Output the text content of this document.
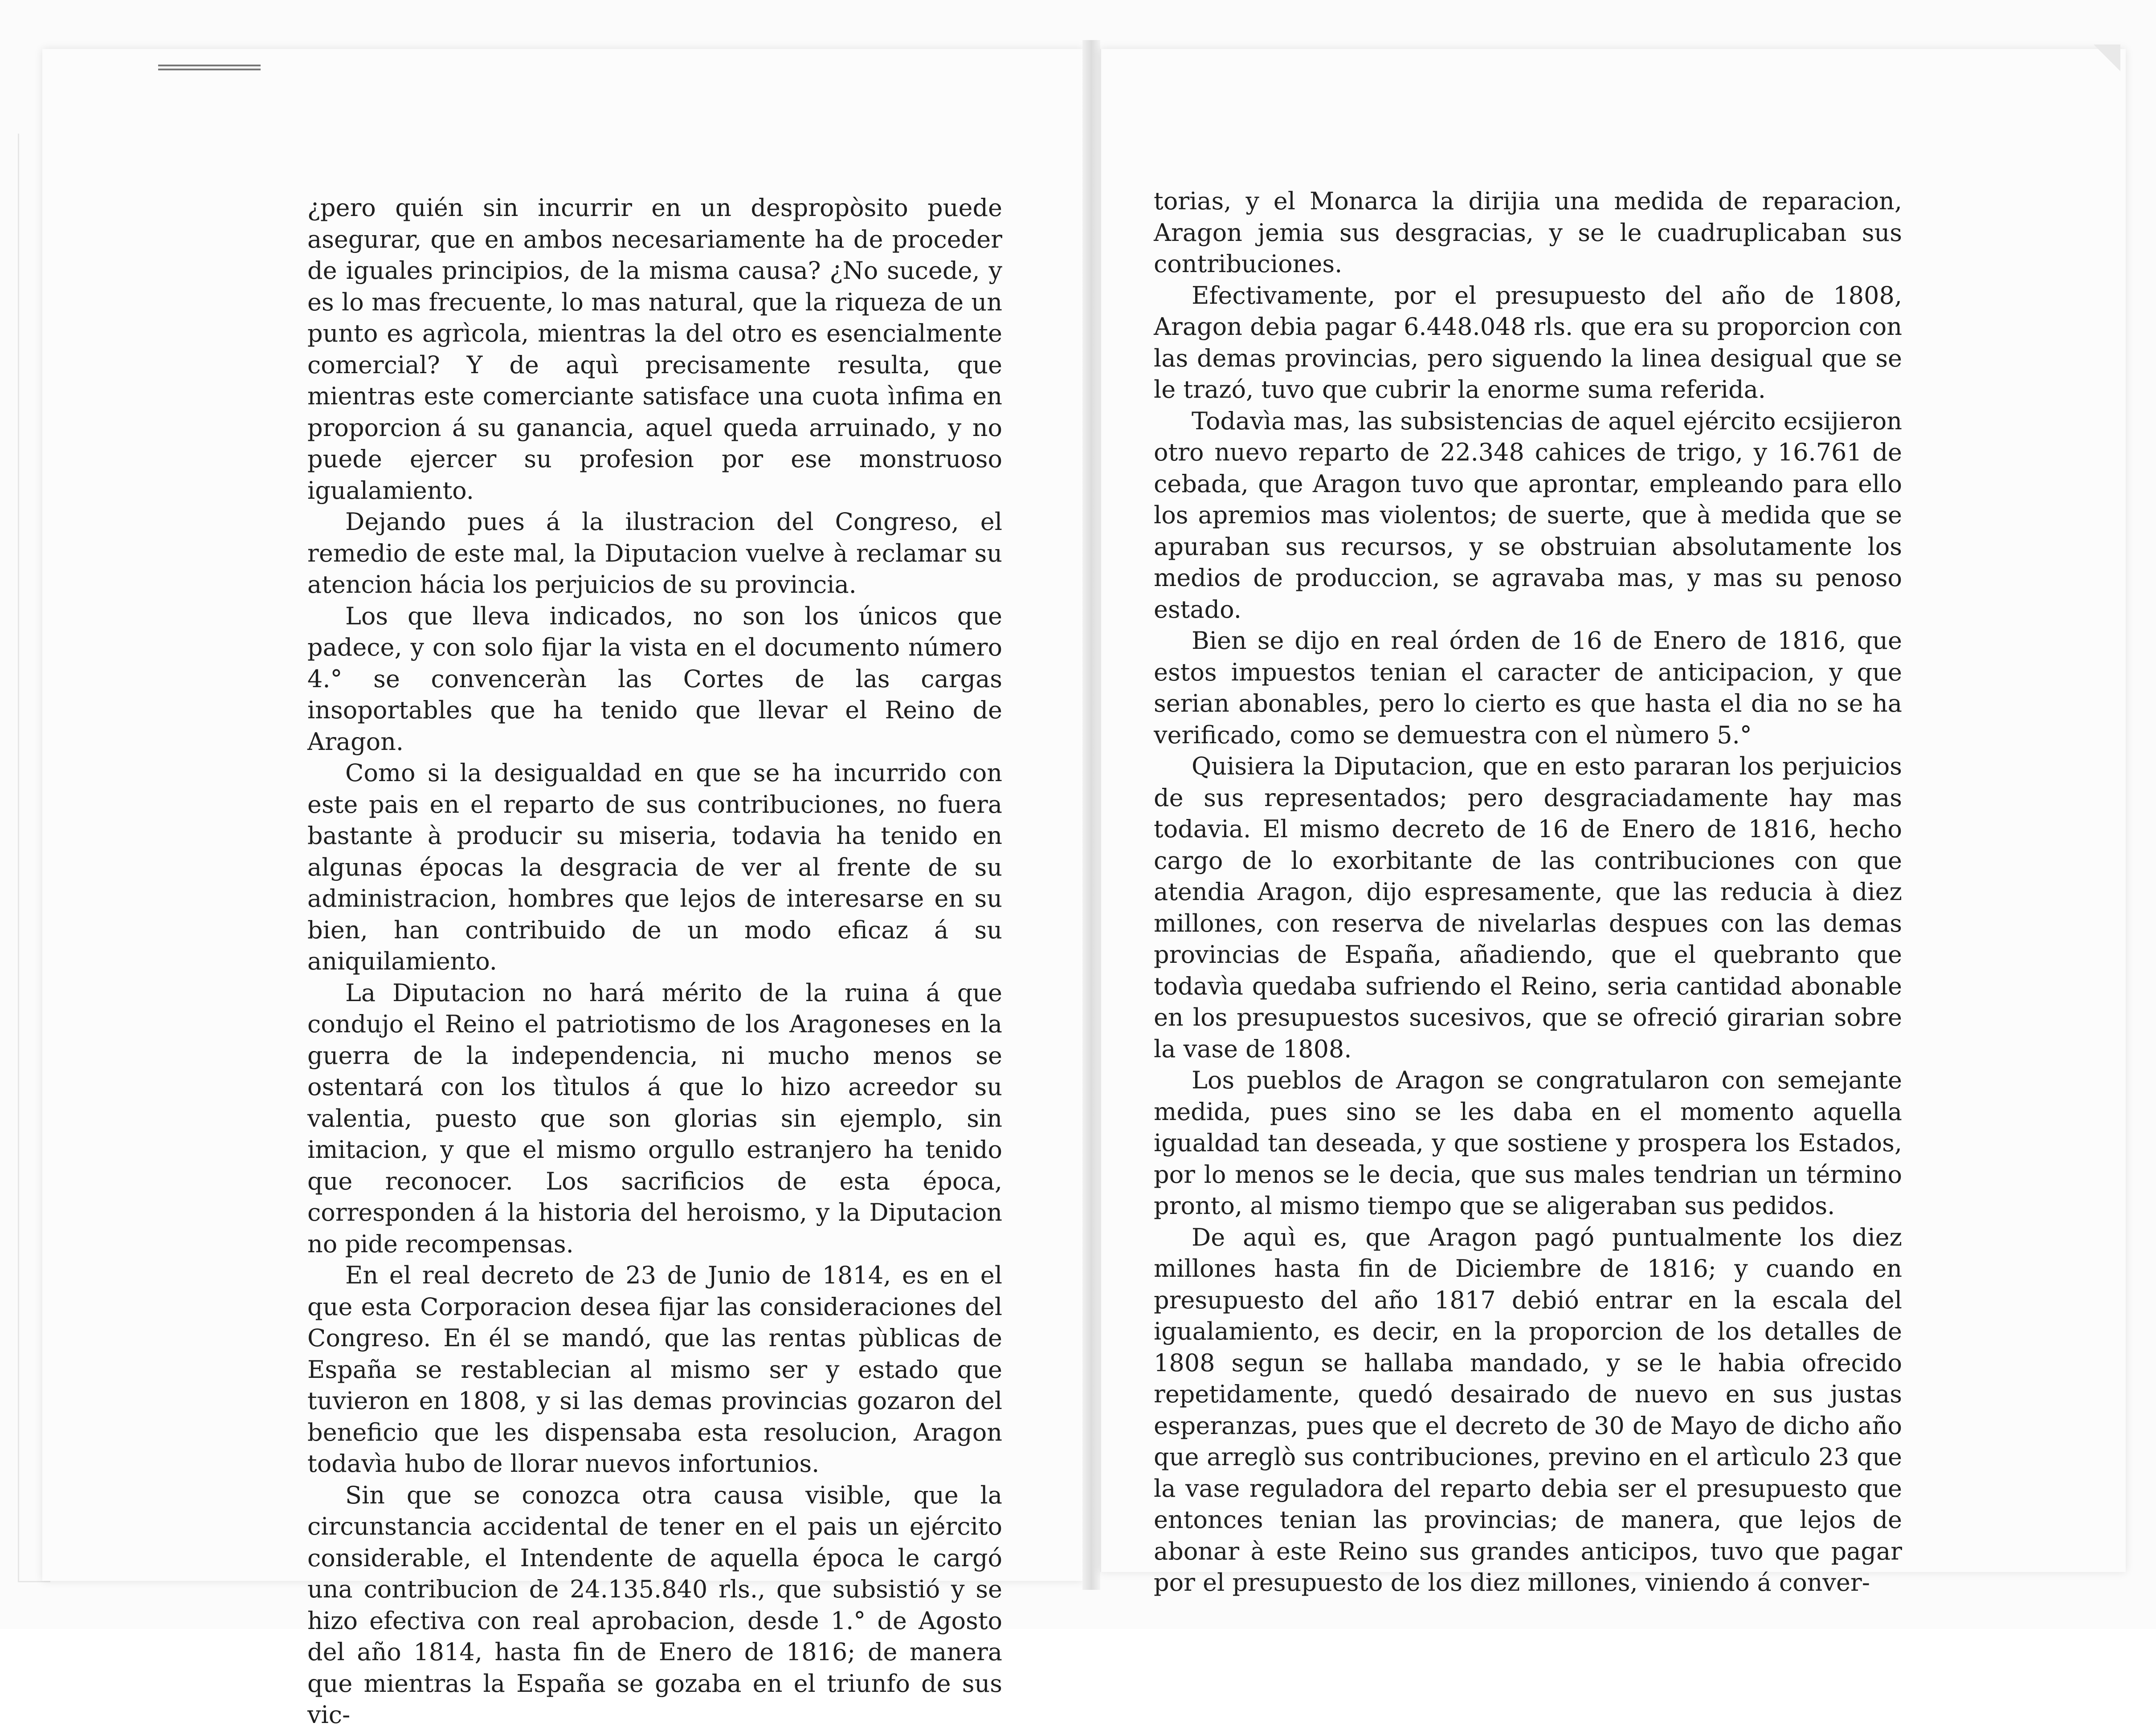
¿pero quién sin incurrir en un despropòsito puede asegurar, que en ambos necesariamente ha de proceder de iguales principios, de la misma causa? ¿No sucede, y es lo mas frecuente, lo mas natural, que la riqueza de un punto es agrìcola, mientras la del otro es esencialmente comercial? Y de aquì precisamente resulta, que mientras este comerciante satisface una cuota ìnfima en proporcion á su ganancia, aquel queda arruinado, y no puede ejercer su profesion por ese monstruoso igualamiento.

Dejando pues á la ilustracion del Congreso, el remedio de este mal, la Diputacion vuelve à reclamar su atencion hácia los perjuicios de su provincia.

Los que lleva indicados, no son los únicos que padece, y con solo fijar la vista en el documento número 4.° se convenceràn las Cortes de las cargas insoportables que ha tenido que llevar el Reino de Aragon.

Como si la desigualdad en que se ha incurrido con este pais en el reparto de sus contribuciones, no fuera bastante à producir su miseria, todavia ha tenido en algunas épocas la desgracia de ver al frente de su administracion, hombres que lejos de interesarse en su bien, han contribuido de un modo eficaz á su aniquilamiento.

La Diputacion no hará mérito de la ruina á que condujo el Reino el patriotismo de los Aragoneses en la guerra de la independencia, ni mucho menos se ostentará con los tìtulos á que lo hizo acreedor su valentia, puesto que son glorias sin ejemplo, sin imitacion, y que el mismo orgullo estranjero ha tenido que reconocer. Los sacrificios de esta época, corresponden á la historia del heroismo, y la Diputacion no pide recompensas.

En el real decreto de 23 de Junio de 1814, es en el que esta Corporacion desea fijar las consideraciones del Congreso. En él se mandó, que las rentas pùblicas de España se restablecian al mismo ser y estado que tuvieron en 1808, y si las demas provincias gozaron del beneficio que les dispensaba esta resolucion, Aragon todavìa hubo de llorar nuevos infortunios.

Sin que se conozca otra causa visible, que la circunstancia accidental de tener en el pais un ejército considerable, el Intendente de aquella época le cargó una contribucion de 24.135.840 rls., que subsistió y se hizo efectiva con real aprobacion, desde 1.° de Agosto del año 1814, hasta fin de Enero de 1816; de manera que mientras la España se gozaba en el triunfo de sus vic-

torias, y el Monarca la dirijia una medida de reparacion, Aragon jemia sus desgracias, y se le cuadruplicaban sus contribuciones.

Efectivamente, por el presupuesto del año de 1808, Aragon debia pagar 6.448.048 rls. que era su proporcion con las demas provincias, pero siguendo la linea desigual que se le trazó, tuvo que cubrir la enorme suma referida.

Todavìa mas, las subsistencias de aquel ejército ecsijieron otro nuevo reparto de 22.348 cahices de trigo, y 16.761 de cebada, que Aragon tuvo que aprontar, empleando para ello los apremios mas violentos; de suerte, que à medida que se apuraban sus recursos, y se obstruian absolutamente los medios de produccion, se agravaba mas, y mas su penoso estado.

Bien se dijo en real órden de 16 de Enero de 1816, que estos impuestos tenian el caracter de anticipacion, y que serian abonables, pero lo cierto es que hasta el dia no se ha verificado, como se demuestra con el nùmero 5.°

Quisiera la Diputacion, que en esto pararan los perjuicios de sus representados; pero desgraciadamente hay mas todavia. El mismo decreto de 16 de Enero de 1816, hecho cargo de lo exorbitante de las contribuciones con que atendia Aragon, dijo espresamente, que las reducia à diez millones, con reserva de nivelarlas despues con las demas provincias de España, añadiendo, que el quebranto que todavìa quedaba sufriendo el Reino, seria cantidad abonable en los presupuestos sucesivos, que se ofreció girarian sobre la vase de 1808.

Los pueblos de Aragon se congratularon con semejante medida, pues sino se les daba en el momento aquella igualdad tan deseada, y que sostiene y prospera los Estados, por lo menos se le decia, que sus males tendrian un término pronto, al mismo tiempo que se aligeraban sus pedidos.

De aquì es, que Aragon pagó puntualmente los diez millones hasta fin de Diciembre de 1816; y cuando en presupuesto del año 1817 debió entrar en la escala del igualamiento, es decir, en la proporcion de los detalles de 1808 segun se hallaba mandado, y se le habia ofrecido repetidamente, quedó desairado de nuevo en sus justas esperanzas, pues que el decreto de 30 de Mayo de dicho año que arreglò sus contribuciones, previno en el artìculo 23 que la vase reguladora del reparto debia ser el presupuesto que entonces tenian las provincias; de manera, que lejos de abonar à este Reino sus grandes anticipos, tuvo que pagar por el presupuesto de los diez millones, viniendo á conver-
